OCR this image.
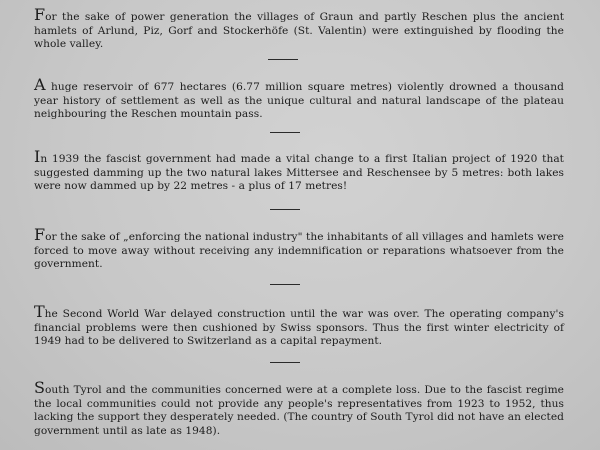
For the sake of power generation the villages of Graun and partly Reschen plus the ancient hamlets of Arlund, Piz, Gorf and Stockerhöfe (St. Valentin) were extinguished by flooding the whole valley.
A huge reservoir of 677 hectares (6.77 million square metres) violently drowned a thousand year history of settlement as well as the unique cultural and natural landscape of the plateau neighbouring the Reschen mountain pass.
In 1939 the fascist government had made a vital change to a first Italian project of 1920 that suggested damming up the two natural lakes Mittersee and Reschensee by 5 metres: both lakes were now dammed up by 22 metres - a plus of 17 metres!
For the sake of „enforcing the national industry" the inhabitants of all villages and hamlets were forced to move away without receiving any indemnification or reparations whatsoever from the government.
The Second World War delayed construction until the war was over. The operating company's financial problems were then cushioned by Swiss sponsors. Thus the first winter electricity of 1949 had to be delivered to Switzerland as a capital repayment.
South Tyrol and the communities concerned were at a complete loss. Due to the fascist regime the local communities could not provide any people's representatives from 1923 to 1952, thus lacking the support they desperately needed. (The country of South Tyrol did not have an elected government until as late as 1948).
